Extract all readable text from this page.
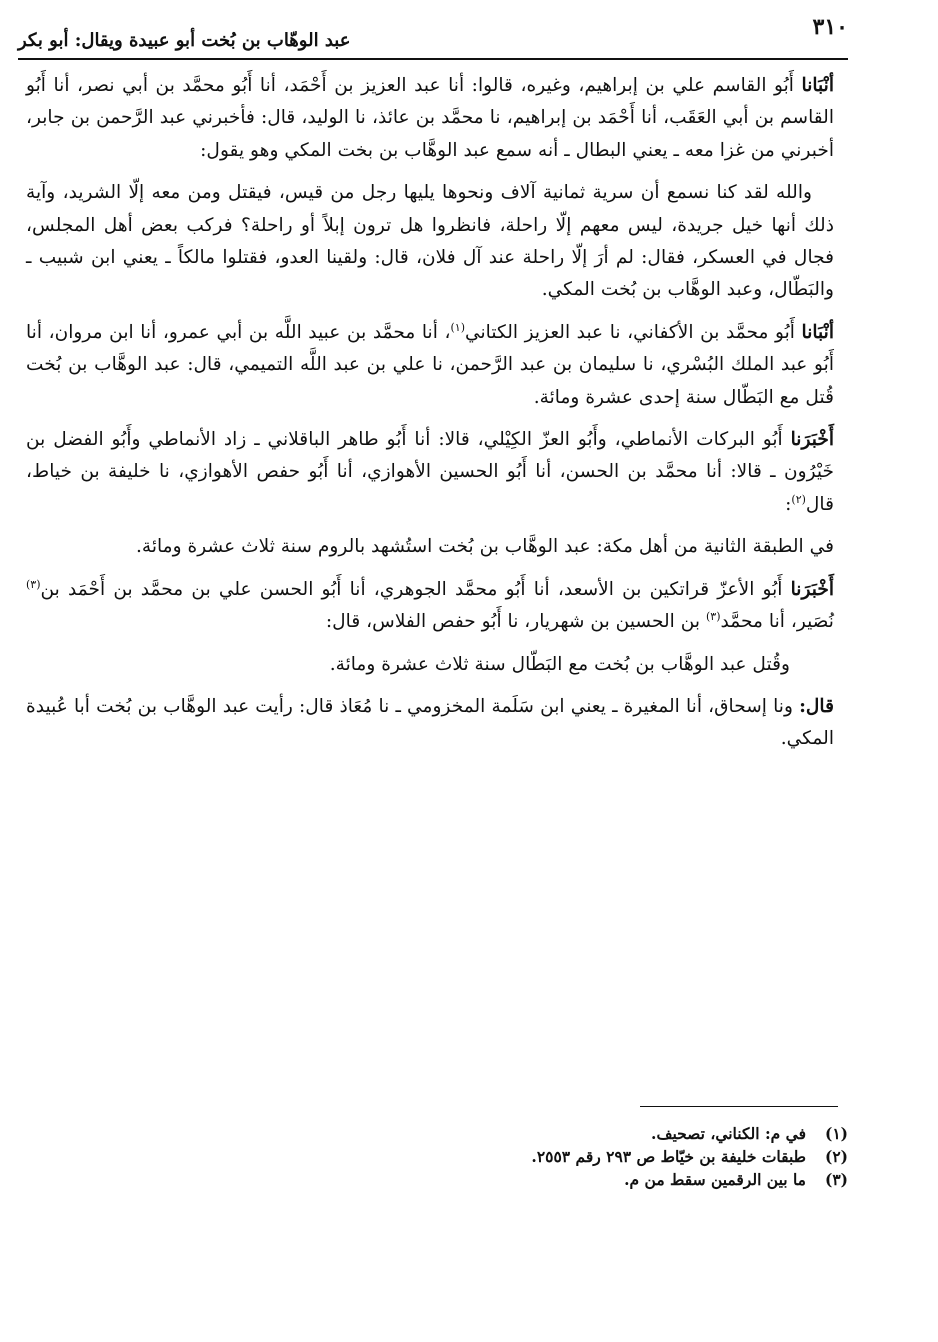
٣١٠
عبد الوهّاب بن بُخت أبو عبيدة ويقال: أبو بكر

أنْبَانا أَبُو القاسم علي بن إبراهيم، وغيره، قالوا: أنا عبد العزيز بن أَحْمَد، أنا أَبُو محمَّد بن أبي نصر، أنا أَبُو القاسم بن أبي العَقَب، أنا أَحْمَد بن إبراهيم، نا محمَّد بن عائذ، نا الوليد، قال: فأخبرني عبد الرَّحمن بن جابر، أخبرني من غزا معه ـ يعني البطال ـ أنه سمع عبد الوهَّاب بن بخت المكي وهو يقول:

والله لقد كنا نسمع أن سرية ثمانية آلاف ونحوها يليها رجل من قيس، فيقتل ومن معه إلّا الشريد، وآية ذلك أنها خيل جريدة، ليس معهم إلّا راحلة، فانظروا هل ترون إبلاً أو راحلة؟ فركب بعض أهل المجلس، فجال في العسكر، فقال: لم أرَ إلّا راحلة عند آل فلان، قال: ولقينا العدو، فقتلوا مالكاً ـ يعني ابن شبيب ـ والبَطّال، وعبد الوهَّاب بن بُخت المكي.

أنْبَانا أَبُو محمَّد بن الأكفاني، نا عبد العزيز الكتاني$^{(١)}$، أنا محمَّد بن عبيد اللَّه بن أبي عمرو، أنا ابن مروان، أنا أَبُو عبد الملك البُسْري، نا سليمان بن عبد الرَّحمن، نا علي بن عبد اللَّه التميمي، قال: عبد الوهَّاب بن بُخت قُتل مع البَطّال سنة إحدى عشرة ومائة.

أَخْبَرَنا أَبُو البركات الأنماطي، وأَبُو العزّ الكِيْلي، قالا: أنا أَبُو طاهر الباقلاني ـ زاد الأنماطي وأَبُو الفضل بن خَيْرُون ـ قالا: أنا محمَّد بن الحسن، أنا أَبُو الحسين الأهوازي، أنا أَبُو حفص الأهوازي، نا خليفة بن خياط، قال$^{(٢)}$:

في الطبقة الثانية من أهل مكة: عبد الوهَّاب بن بُخت استُشهد بالروم سنة ثلاث عشرة ومائة.

أَخْبَرَنا أَبُو الأعزّ قراتكين بن الأسعد، أنا أَبُو محمَّد الجوهري، أنا أَبُو الحسن علي بن محمَّد بن أَحْمَد بن$^{(٣)}$ نُصَير، أنا محمَّد$^{(٣)}$ بن الحسين بن شهريار، نا أَبُو حفص الفلاس، قال:

وقُتل عبد الوهَّاب بن بُخت مع البَطّال سنة ثلاث عشرة ومائة.

قال: ونا إسحاق، أنا المغيرة ـ يعني ابن سَلَمة المخزومي ـ نا مُعَاذ قال: رأيت عبد الوهَّاب بن بُخت أبا عُبيدة المكي.

(١)
في م: الكناني، تصحيف.
(٢)
طبقات خليفة بن خيّاط ص ٢٩٣ رقم ٢٥٥٣.
(٣)
ما بين الرقمين سقط من م.
